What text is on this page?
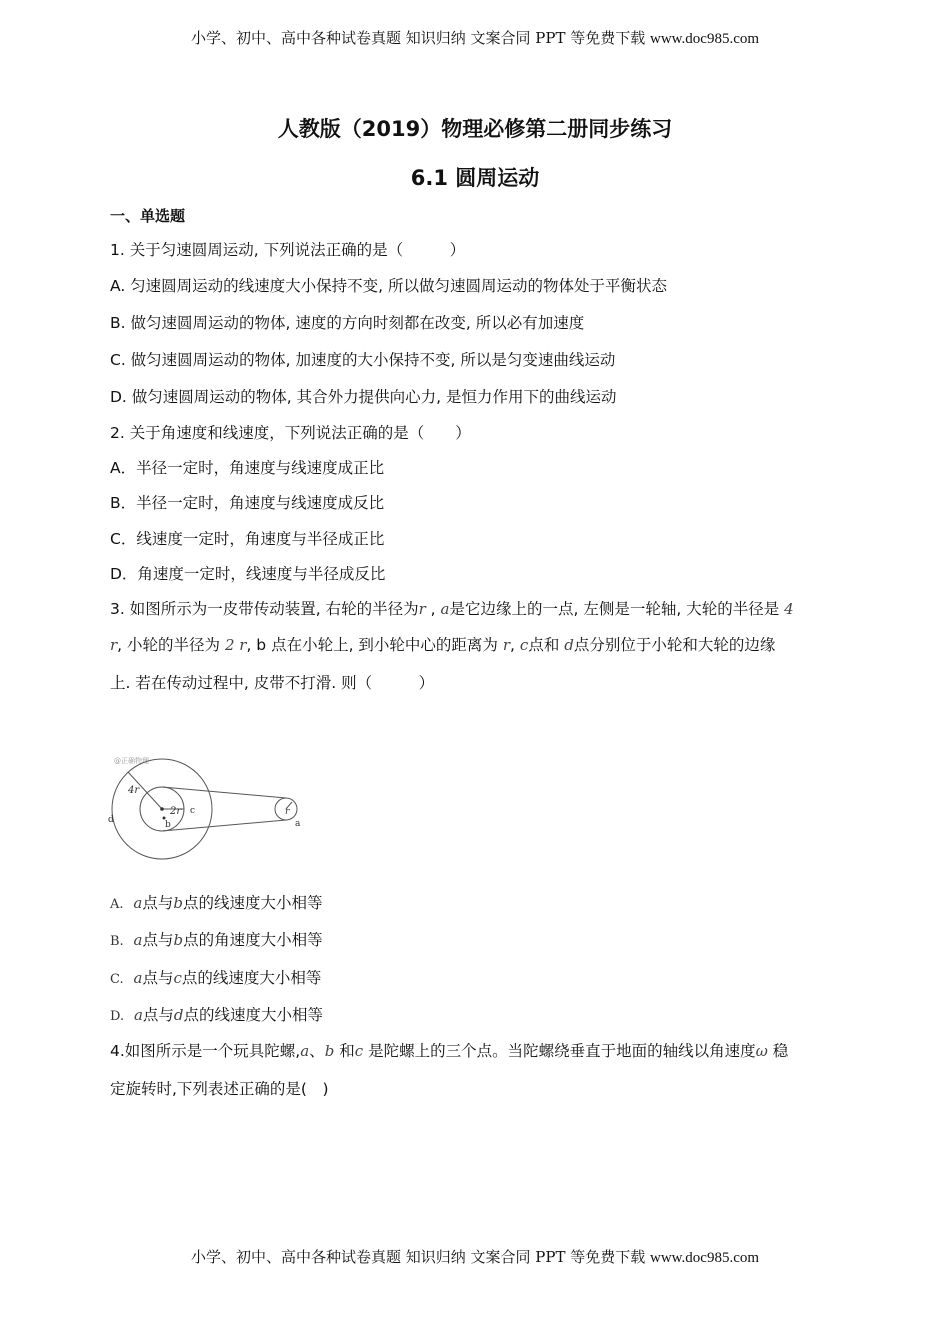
小学、初中、高中各种试卷真题 知识归纳 文案合同 PPT 等免费下载 www.doc985.com
人教版（2019）物理必修第二册同步练习
6.1 圆周运动
一、单选题
1. 关于匀速圆周运动, 下列说法正确的是（　　　）
A. 匀速圆周运动的线速度大小保持不变, 所以做匀速圆周运动的物体处于平衡状态
B. 做匀速圆周运动的物体, 速度的方向时刻都在改变, 所以必有加速度
C. 做匀速圆周运动的物体, 加速度的大小保持不变, 所以是匀变速曲线运动
D. 做匀速圆周运动的物体, 其合外力提供向心力, 是恒力作用下的曲线运动
2. 关于角速度和线速度，下列说法正确的是（　　）
A．半径一定时，角速度与线速度成正比
B．半径一定时，角速度与线速度成反比
C．线速度一定时，角速度与半径成正比
D．角速度一定时，线速度与半径成反比
3. 如图所示为一皮带传动装置, 右轮的半径为r , a是它边缘上的一点, 左侧是一轮轴, 大轮的半径是 4
r, 小轮的半径为 2 r, b 点在小轮上, 到小轮中心的距离为 r, c点和 d点分别位于小轮和大轮的边缘
上. 若在传动过程中, 皮带不打滑. 则（　　　）
@正确物理
4r
2r c
b
d
r
a
A. a点与b点的线速度大小相等
B. a点与b点的角速度大小相等
C. a点与c点的线速度大小相等
D. a点与d点的线速度大小相等
4.如图所示是一个玩具陀螺,a、b 和c 是陀螺上的三个点。当陀螺绕垂直于地面的轴线以角速度ω 稳
定旋转时,下列表述正确的是(　)
小学、初中、高中各种试卷真题 知识归纳 文案合同 PPT 等免费下载 www.doc985.com
